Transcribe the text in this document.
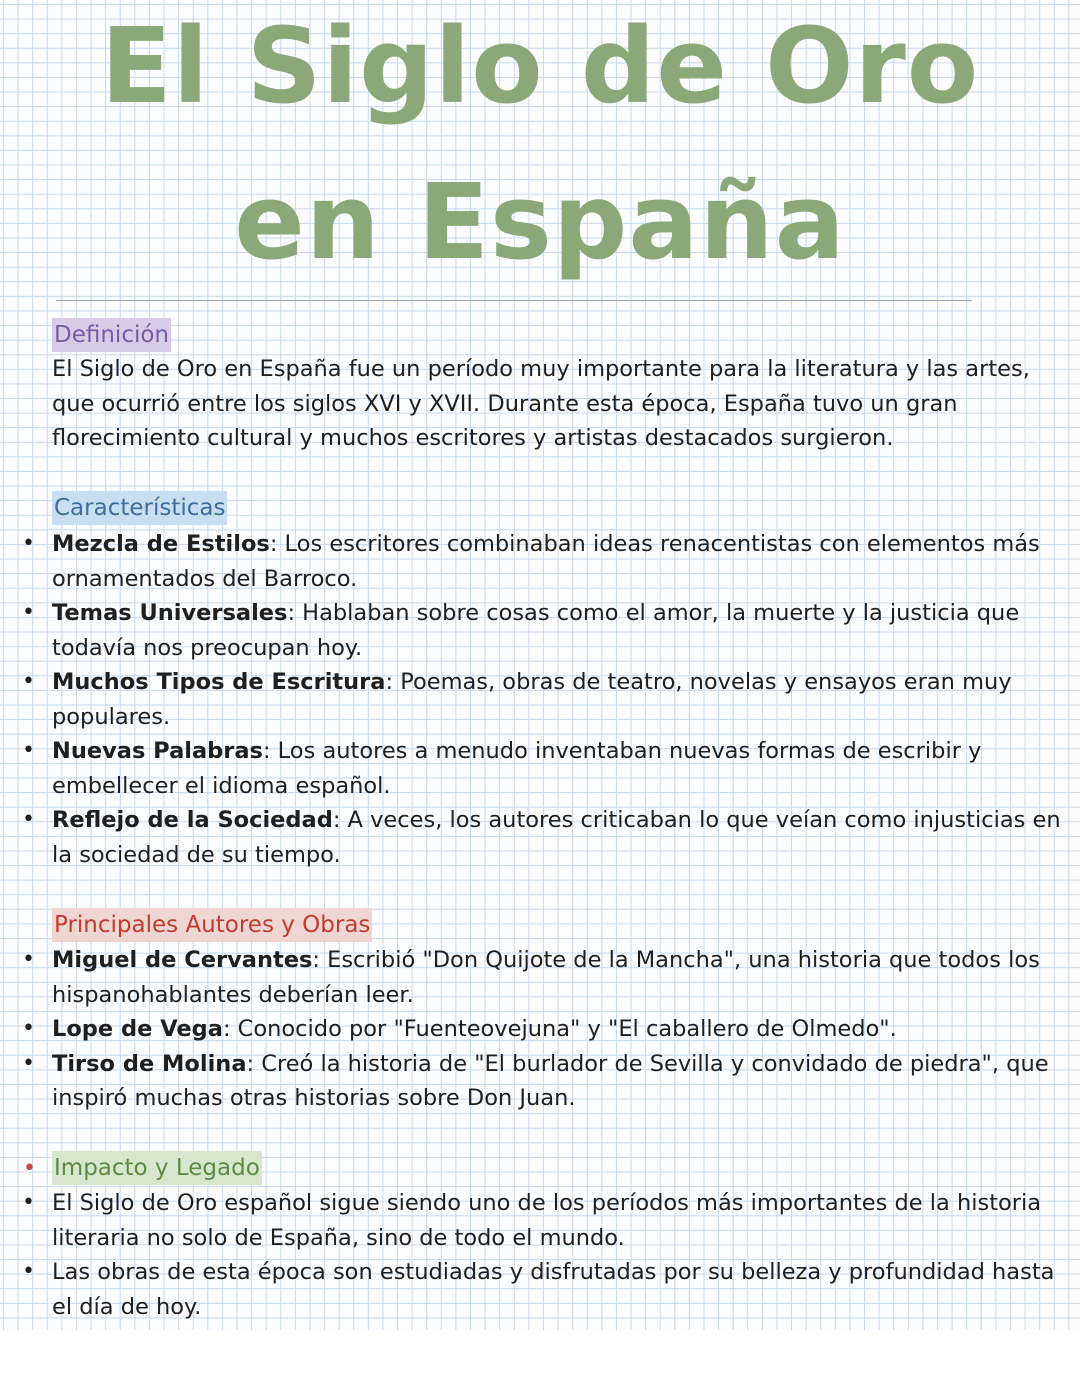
El Siglo de Oro
en España
Definición

El Siglo de Oro en España fue un período muy importante para la literatura y las artes, que ocurrió entre los siglos XVI y XVII. Durante esta época, España tuvo un gran florecimiento cultural y muchos escritores y artistas destacados surgieron.

Características
• Mezcla de Estilos: Los escritores combinaban ideas renacentistas con elementos más ornamentados del Barroco.
• Temas Universales: Hablaban sobre cosas como el amor, la muerte y la justicia que todavía nos preocupan hoy.
• Muchos Tipos de Escritura: Poemas, obras de teatro, novelas y ensayos eran muy populares.
• Nuevas Palabras: Los autores a menudo inventaban nuevas formas de escribir y embellecer el idioma español.
• Reflejo de la Sociedad: A veces, los autores criticaban lo que veían como injusticias en la sociedad de su tiempo.
Principales Autores y Obras
• Miguel de Cervantes: Escribió "Don Quijote de la Mancha", una historia que todos los hispanohablantes deberían leer.
• Lope de Vega: Conocido por "Fuenteovejuna" y "El caballero de Olmedo".
• Tirso de Molina: Creó la historia de "El burlador de Sevilla y convidado de piedra", que inspiró muchas otras historias sobre Don Juan.
• Impacto y Legado
• El Siglo de Oro español sigue siendo uno de los períodos más importantes de la historia literaria no solo de España, sino de todo el mundo.
• Las obras de esta época son estudiadas y disfrutadas por su belleza y profundidad hasta el día de hoy.
